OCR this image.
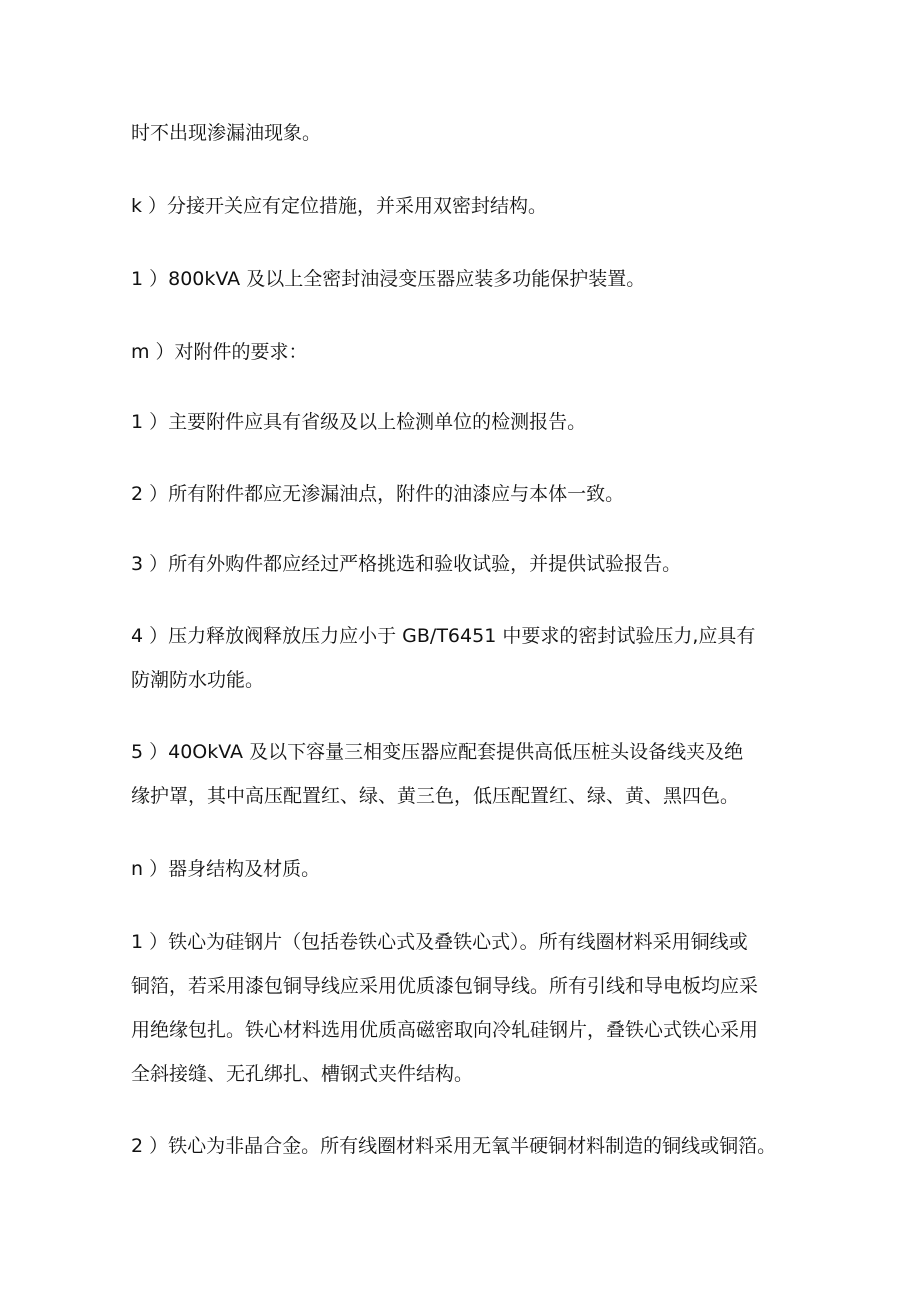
时不出现渗漏油现象。

k ）分接开关应有定位措施，并采用双密封结构。

1 ）800kVA 及以上全密封油浸变压器应装多功能保护装置。

m ）对附件的要求：

1 ）主要附件应具有省级及以上检测单位的检测报告。

2 ）所有附件都应无渗漏油点，附件的油漆应与本体一致。

3 ）所有外购件都应经过严格挑选和验收试验，并提供试验报告。

4 ）压力释放阀释放压力应小于 GB/T6451 中要求的密封试验压力,应具有
防潮防水功能。

5 ）40OkVA 及以下容量三相变压器应配套提供高低压桩头设备线夹及绝
缘护罩，其中高压配置红、绿、黄三色，低压配置红、绿、黄、黑四色。

n ）器身结构及材质。

1 ）铁心为硅钢片（包括卷铁心式及叠铁心式）。所有线圈材料采用铜线或
铜箔，若采用漆包铜导线应采用优质漆包铜导线。所有引线和导电板均应采
用绝缘包扎。铁心材料选用优质高磁密取向冷轧硅钢片，叠铁心式铁心采用
全斜接缝、无孔绑扎、槽钢式夹件结构。

2 ）铁心为非晶合金。所有线圈材料采用无氧半硬铜材料制造的铜线或铜箔。
